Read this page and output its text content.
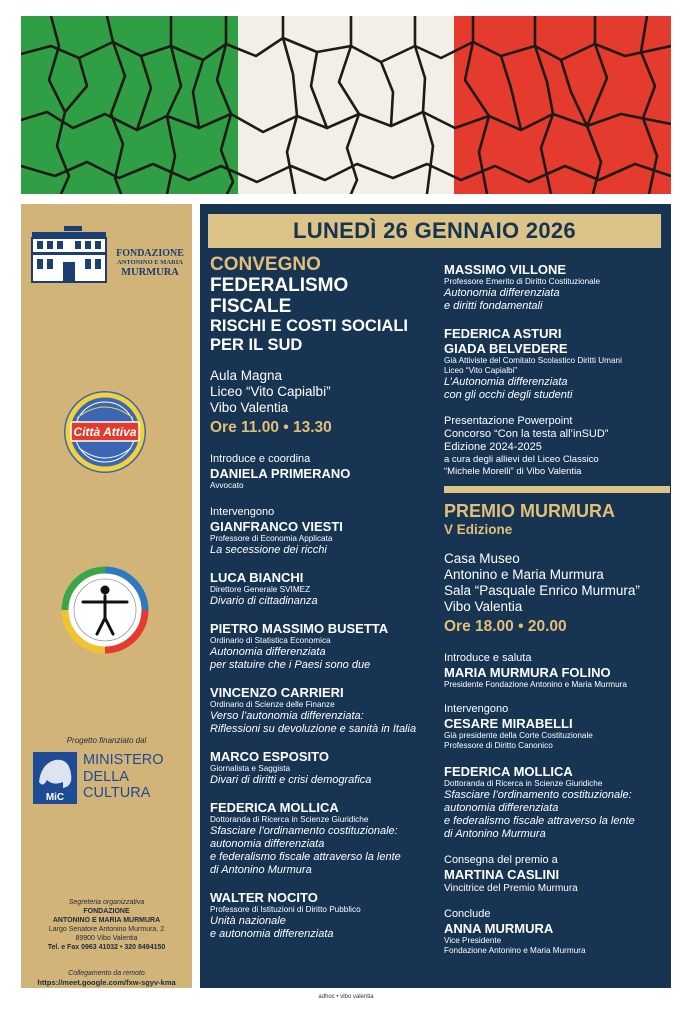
FONDAZIONE
ANTONINO E MARIA
MURMURA
Città Attiva
Progetto finanziato dal
MiC
MINISTERO
DELLA
CULTURA
Segreteria organizzativa
FONDAZIONE
ANTONINO E MARIA MURMURA
Largo Senatore Antonino Murmura, 2
89900 Vibo Valentia
Tel. e Fax 0963 41032 • 320 8494150
Collegamento da remoto
https://meet.google.com/fxw-sgyv-kma
LUNEDÌ 26 GENNAIO 2026
CONVEGNO
FEDERALISMO
FISCALE
RISCHI E COSTI SOCIALI
PER IL SUD
Aula Magna
Liceo “Vito Capialbi”
Vibo Valentia
Ore 11.00 • 13.30
Introduce e coordina
DANIELA PRIMERANO
Avvocato
Intervengono
GIANFRANCO VIESTI
Professore di Economia Applicata
La secessione dei ricchi
LUCA BIANCHI
Direttore Generale SVIMEZ
Divario di cittadinanza
PIETRO MASSIMO BUSETTA
Ordinario di Statistica Economica
Autonomia differenziata
per statuire che i Paesi sono due
VINCENZO CARRIERI
Ordinario di Scienze delle Finanze
Verso l’autonomia differenziata:
Riflessioni su devoluzione e sanità in Italia
MARCO ESPOSITO
Giornalista e Saggista
Divari di diritti e crisi demografica
FEDERICA MOLLICA
Dottoranda di Ricerca in Scienze Giuridiche
Sfasciare l’ordinamento costituzionale:
autonomia differenziata
e federalismo fiscale attraverso la lente
di Antonino Murmura
WALTER NOCITO
Professore di Istituzioni di Diritto Pubblico
Unità nazionale
e autonomia differenziata
MASSIMO VILLONE
Professore Emerito di Diritto Costituzionale
Autonomia differenziata
e diritti fondamentali
FEDERICA ASTURI
GIADA BELVEDERE
Già Attiviste del Comitato Scolastico Diritti Umani
Liceo “Vito Capialbi”
L’Autonomia differenziata
con gli occhi degli studenti
Presentazione Powerpoint
Concorso “Con la testa all’inSUD”
Edizione 2024-2025
a cura degli allievi del Liceo Classico
“Michele Morelli” di Vibo Valentia
PREMIO MURMURA
V Edizione
Casa Museo
Antonino e Maria Murmura
Sala “Pasquale Enrico Murmura”
Vibo Valentia
Ore 18.00 • 20.00
Introduce e saluta
MARIA MURMURA FOLINO
Presidente Fondazione Antonino e Maria Murmura
Intervengono
CESARE MIRABELLI
Già presidente della Corte Costituzionale
Professore di Diritto Canonico
FEDERICA MOLLICA
Dottoranda di Ricerca in Scienze Giuridiche
Sfasciare l’ordinamento costituzionale:
autonomia differenziata
e federalismo fiscale attraverso la lente
di Antonino Murmura
Consegna del premio a
MARTINA CASLINI
Vincitrice del Premio Murmura
Conclude
ANNA MURMURA
Vice Presidente
Fondazione Antonino e Maria Murmura
adhoc • vibo valentia
